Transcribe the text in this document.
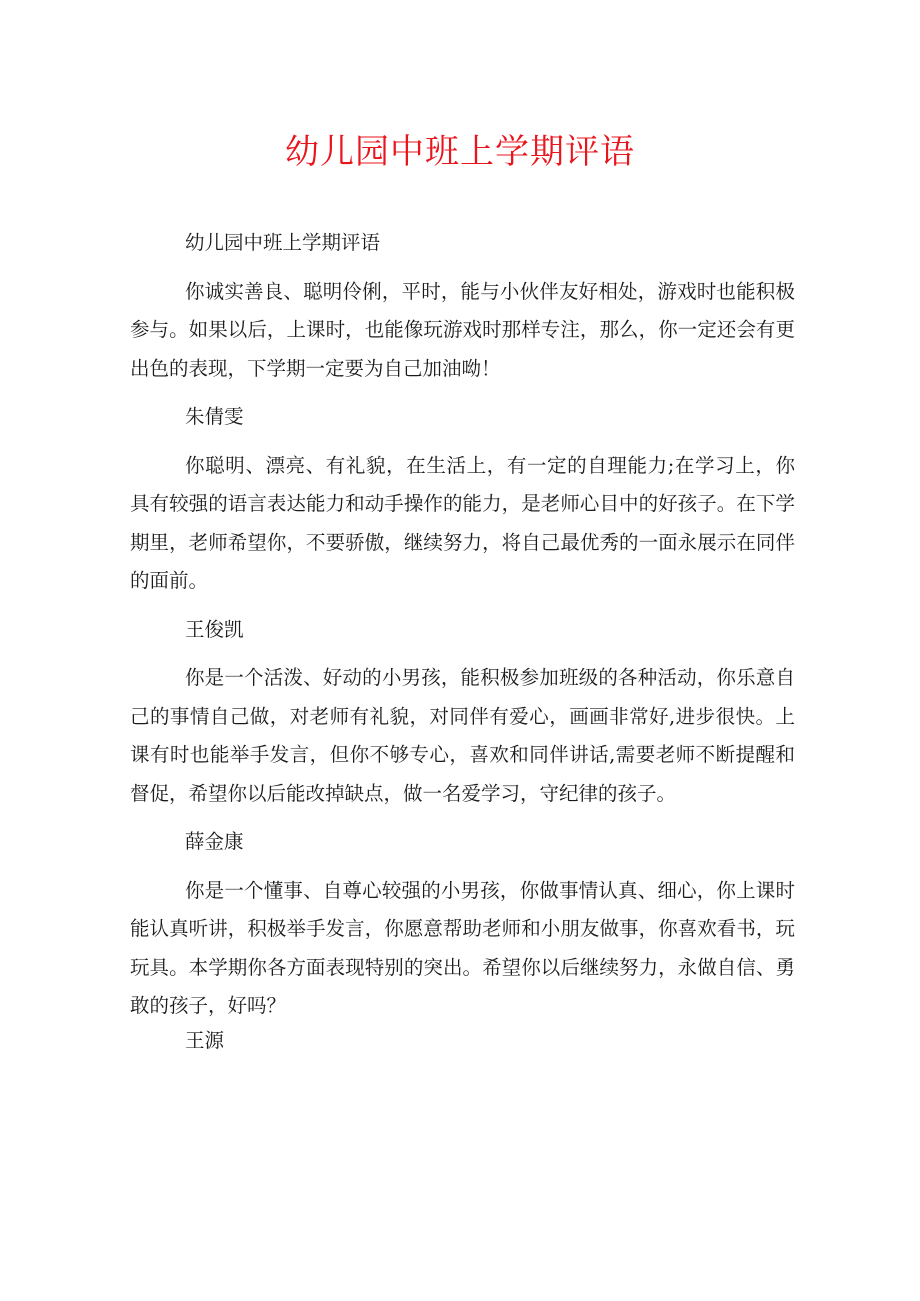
幼儿园中班上学期评语

幼儿园中班上学期评语

你诚实善良、聪明伶俐，平时，能与小伙伴友好相处，游戏时也能积极参与。如果以后，上课时，也能像玩游戏时那样专注，那么，你一定还会有更出色的表现，下学期一定要为自己加油呦！

朱倩雯

你聪明、漂亮、有礼貌，在生活上，有一定的自理能力;在学习上，你具有较强的语言表达能力和动手操作的能力，是老师心目中的好孩子。在下学期里，老师希望你，不要骄傲，继续努力，将自己最优秀的一面永展示在同伴的面前。

王俊凯

你是一个活泼、好动的小男孩，能积极参加班级的各种活动，你乐意自己的事情自己做，对老师有礼貌，对同伴有爱心，画画非常好,进步很快。上课有时也能举手发言，但你不够专心，喜欢和同伴讲话,需要老师不断提醒和督促，希望你以后能改掉缺点，做一名爱学习，守纪律的孩子。

薛金康

你是一个懂事、自尊心较强的小男孩，你做事情认真、细心，你上课时能认真听讲，积极举手发言，你愿意帮助老师和小朋友做事，你喜欢看书，玩玩具。本学期你各方面表现特别的突出。希望你以后继续努力，永做自信、勇敢的孩子，好吗？

王源
